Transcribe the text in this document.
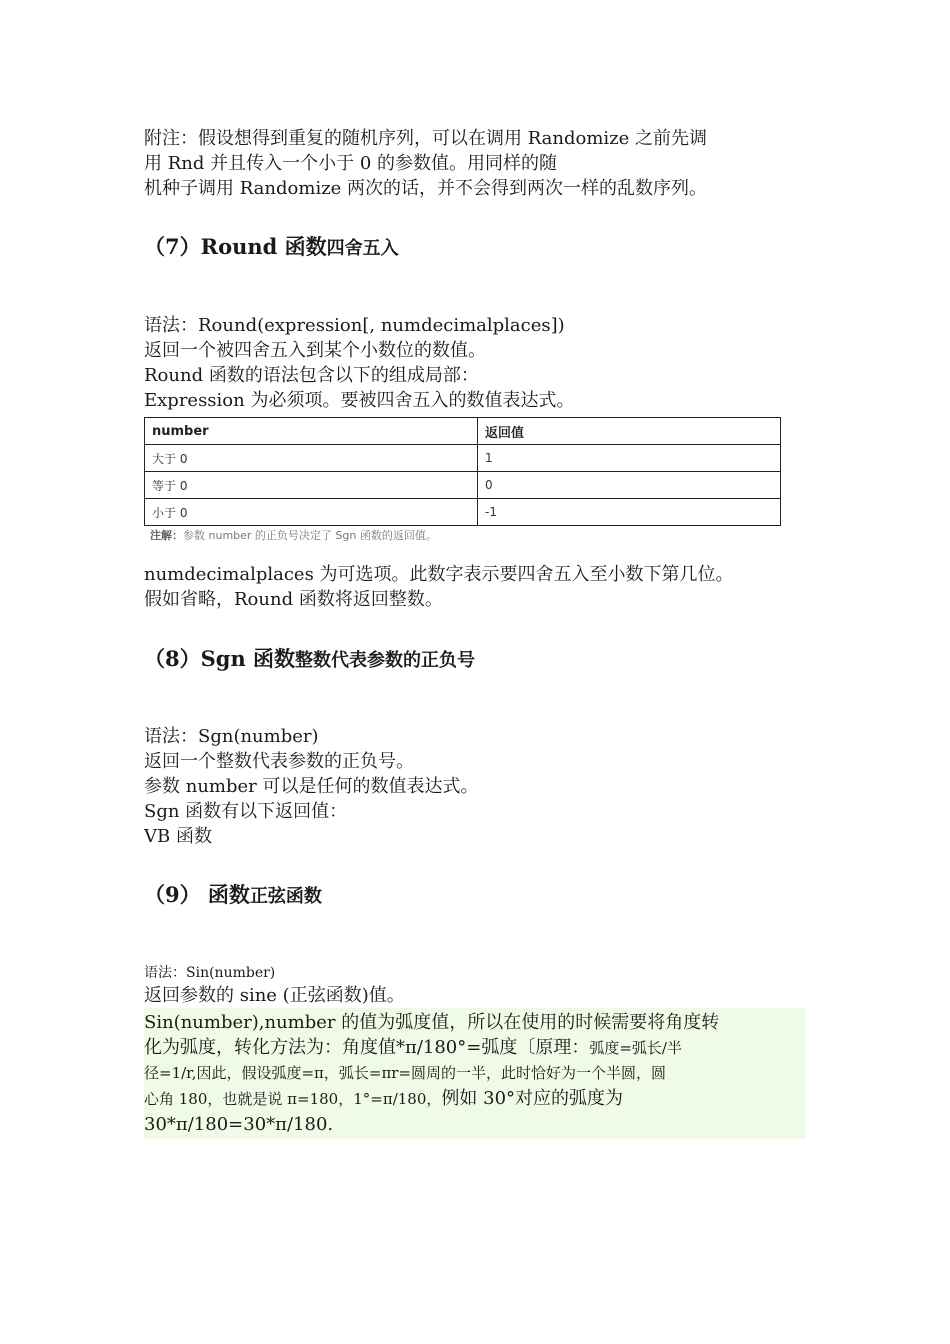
附注：假设想得到重复的随机序列，可以在调用 Randomize 之前先调

用 Rnd 并且传入一个小于 0 的参数值。用同样的随

机种子调用 Randomize 两次的话，并不会得到两次一样的乱数序列。

（7）Round 函数四舍五入

语法：Round(expression[, numdecimalplaces])

返回一个被四舍五入到某个小数位的数值。

Round 函数的语法包含以下的组成局部：

Expression 为必须项。要被四舍五入的数值表达式。

number	返回值
大于 0	1
等于 0	0
小于 0	-1
注解：参数 number 的正负号决定了 Sgn 函数的返回值。

numdecimalplaces 为可选项。此数字表示要四舍五入至小数下第几位。

假如省略，Round 函数将返回整数。

（8）Sgn 函数整数代表参数的正负号

语法：Sgn(number)

返回一个整数代表参数的正负号。

参数 number 可以是任何的数值表达式。

Sgn 函数有以下返回值：

VB 函数

（9） 函数正弦函数

语法：Sin(number)

返回参数的 sine (正弦函数)值。

Sin(number),number 的值为弧度值，所以在使用的时候需要将角度转

化为弧度，转化方法为：角度值*π/180°=弧度〔原理：弧度=弧长/半

径=1/r,因此，假设弧度=π，弧长=πr=圆周的一半，此时恰好为一个半圆，圆

心角 180，也就是说 π=180，1°=π/180，例如 30°对应的弧度为

30*π/180=30*π/180.
